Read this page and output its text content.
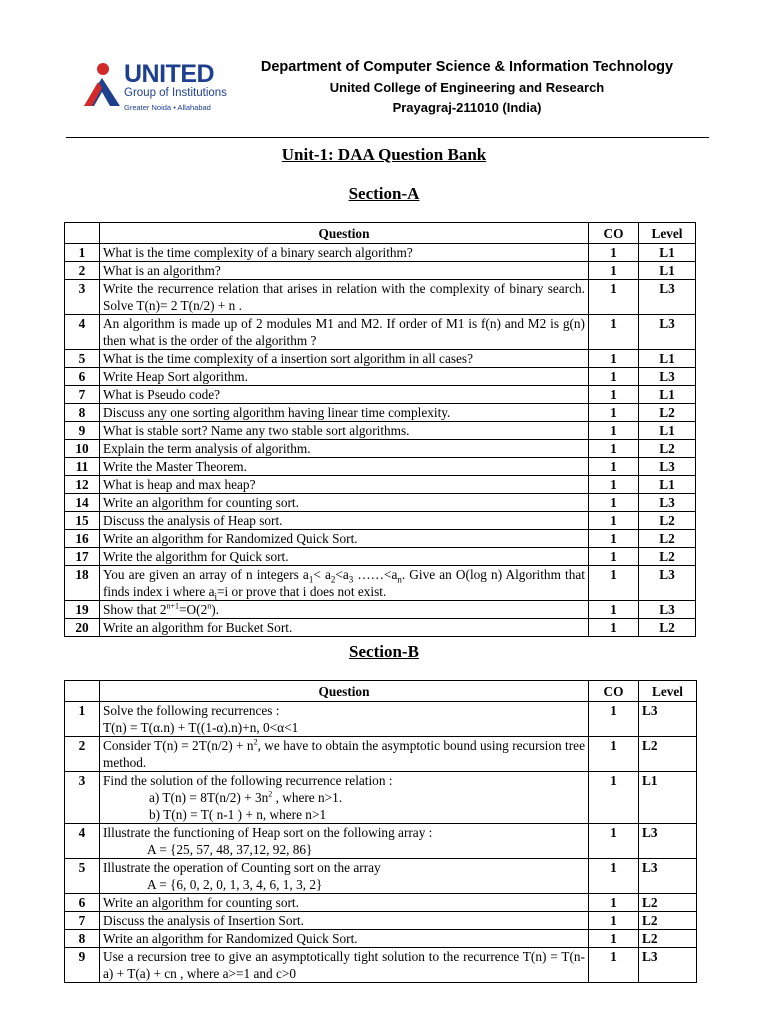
UNITED
Group of Institutions
Greater Noida • Allahabad
Department of Computer Science & Information Technology
United College of Engineering and Research
Prayagraj-211010 (India)
Unit-1: DAA Question Bank
Section-A
	Question	CO	Level
1	What is the time complexity of a binary search algorithm?	1	L1
2	What is an algorithm?	1	L1
3	Write the recurrence relation that arises in relation with the complexity of binary search. Solve T(n)= 2 T(n/2) + n .	1	L3
4	An algorithm is made up of 2 modules M1 and M2. If order of M1 is f(n) and M2 is g(n) then what is the order of the algorithm ?	1	L3
5	What is the time complexity of a insertion sort algorithm in all cases?	1	L1
6	Write Heap Sort algorithm.	1	L3
7	What is Pseudo code?	1	L1
8	Discuss any one sorting algorithm having linear time complexity.	1	L2
9	What is stable sort? Name any two stable sort algorithms.	1	L1
10	Explain the term analysis of algorithm.	1	L2
11	Write the Master Theorem.	1	L3
12	What is heap and max heap?	1	L1
14	Write an algorithm for counting sort.	1	L3
15	Discuss the analysis of Heap sort.	1	L2
16	Write an algorithm for Randomized Quick Sort.	1	L2
17	Write the algorithm for Quick sort.	1	L2
18	You are given an array of n integers $a_1< a_2<a_3$ $\dots\dots<a_n$. Give an O(log n) Algorithm that finds index i where $a_i=i$ or prove that i does not exist.	1	L3
19	Show that $2^{n+1}=O(2^n)$.	1	L3
20	Write an algorithm for Bucket Sort.	1	L2
Section-B
	Question	CO	Level
1	Solve the following recurrences :
T(n) = T(α.n) + T((1-α).n)+n, 0<α<1	1	L3
2	Consider $T(n) = 2T(n/2) + n^2$, we have to obtain the asymptotic bound using recursion tree method.	1	L2
3	Find the solution of the following recurrence relation :
a) $T(n) = 8T(n/2) + 3n^2$ , where n>1.
b) T(n) = T( n-1 ) + n, where n>1	1	L1
4	Illustrate the functioning of Heap sort on the following array :
A = {25, 57, 48, 37,12, 92, 86}	1	L3
5	Illustrate the operation of Counting sort on the array
A = {6, 0, 2, 0, 1, 3, 4, 6, 1, 3, 2}	1	L3
6	Write an algorithm for counting sort.	1	L2
7	Discuss the analysis of Insertion Sort.	1	L2
8	Write an algorithm for Randomized Quick Sort.	1	L2
9	Use a recursion tree to give an asymptotically tight solution to the recurrence T(n) = T(n-a) + T(a) + cn , where a>=1 and c>0	1	L3
